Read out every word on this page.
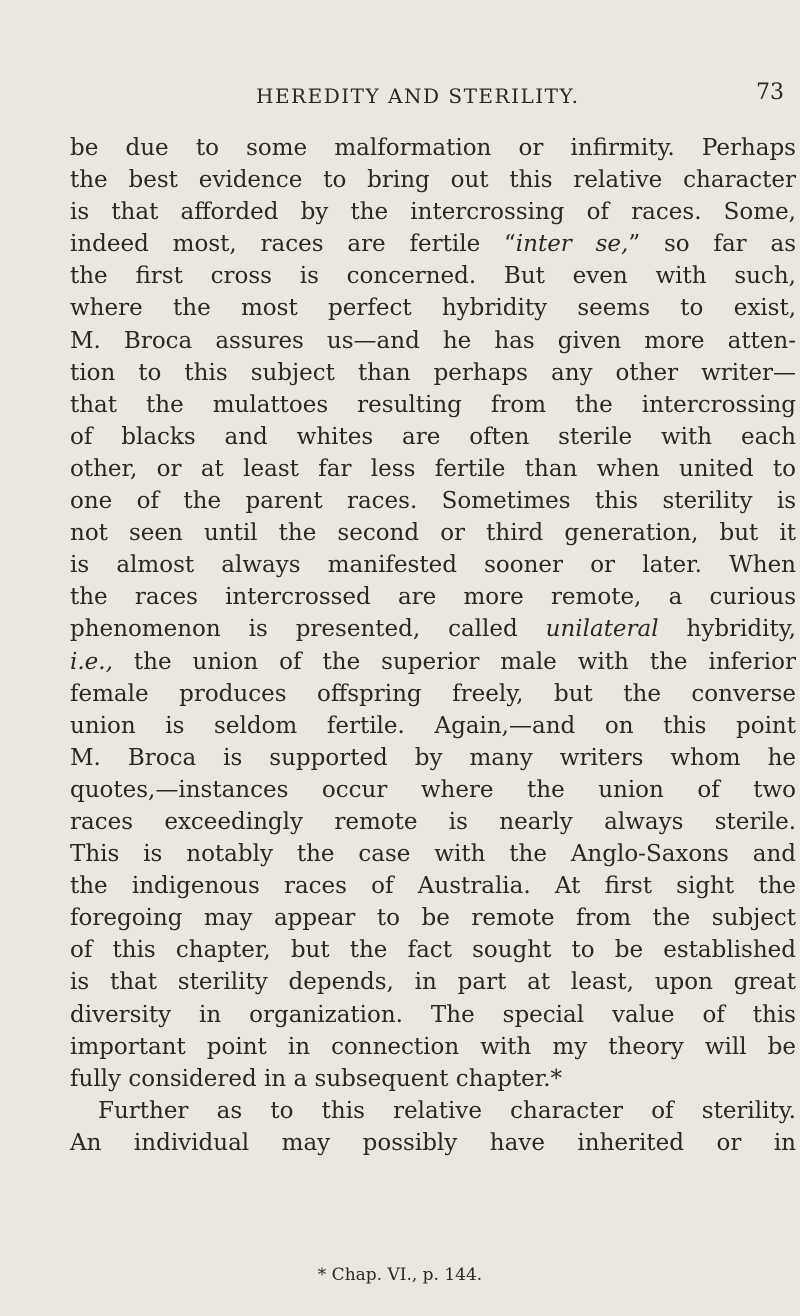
HEREDITY AND STERILITY.	73
be due to some malformation or infirmity. Perhaps
the best evidence to bring out this relative character
is that afforded by the intercrossing of races. Some,
indeed most, races are fertile “inter se,” so far as
the first cross is concerned. But even with such,
where the most perfect hybridity seems to exist,
M. Broca assures us—and he has given more atten-
tion to this subject than perhaps any other writer—
that the mulattoes resulting from the intercrossing
of blacks and whites are often sterile with each
other, or at least far less fertile than when united to
one of the parent races. Sometimes this sterility is
not seen until the second or third generation, but it
is almost always manifested sooner or later. When
the races intercrossed are more remote, a curious
phenomenon is presented, called unilateral hybridity,
i.e., the union of the superior male with the inferior
female produces offspring freely, but the converse
union is seldom fertile. Again,—and on this point
M. Broca is supported by many writers whom he
quotes,—instances occur where the union of two
races exceedingly remote is nearly always sterile.
This is notably the case with the Anglo-Saxons and
the indigenous races of Australia. At first sight the
foregoing may appear to be remote from the subject
of this chapter, but the fact sought to be established
is that sterility depends, in part at least, upon great
diversity in organization. The special value of this
important point in connection with my theory will be
fully considered in a subsequent chapter.*
Further as to this relative character of sterility.
An individual may possibly have inherited or in
* Chap. VI., p. 144.
